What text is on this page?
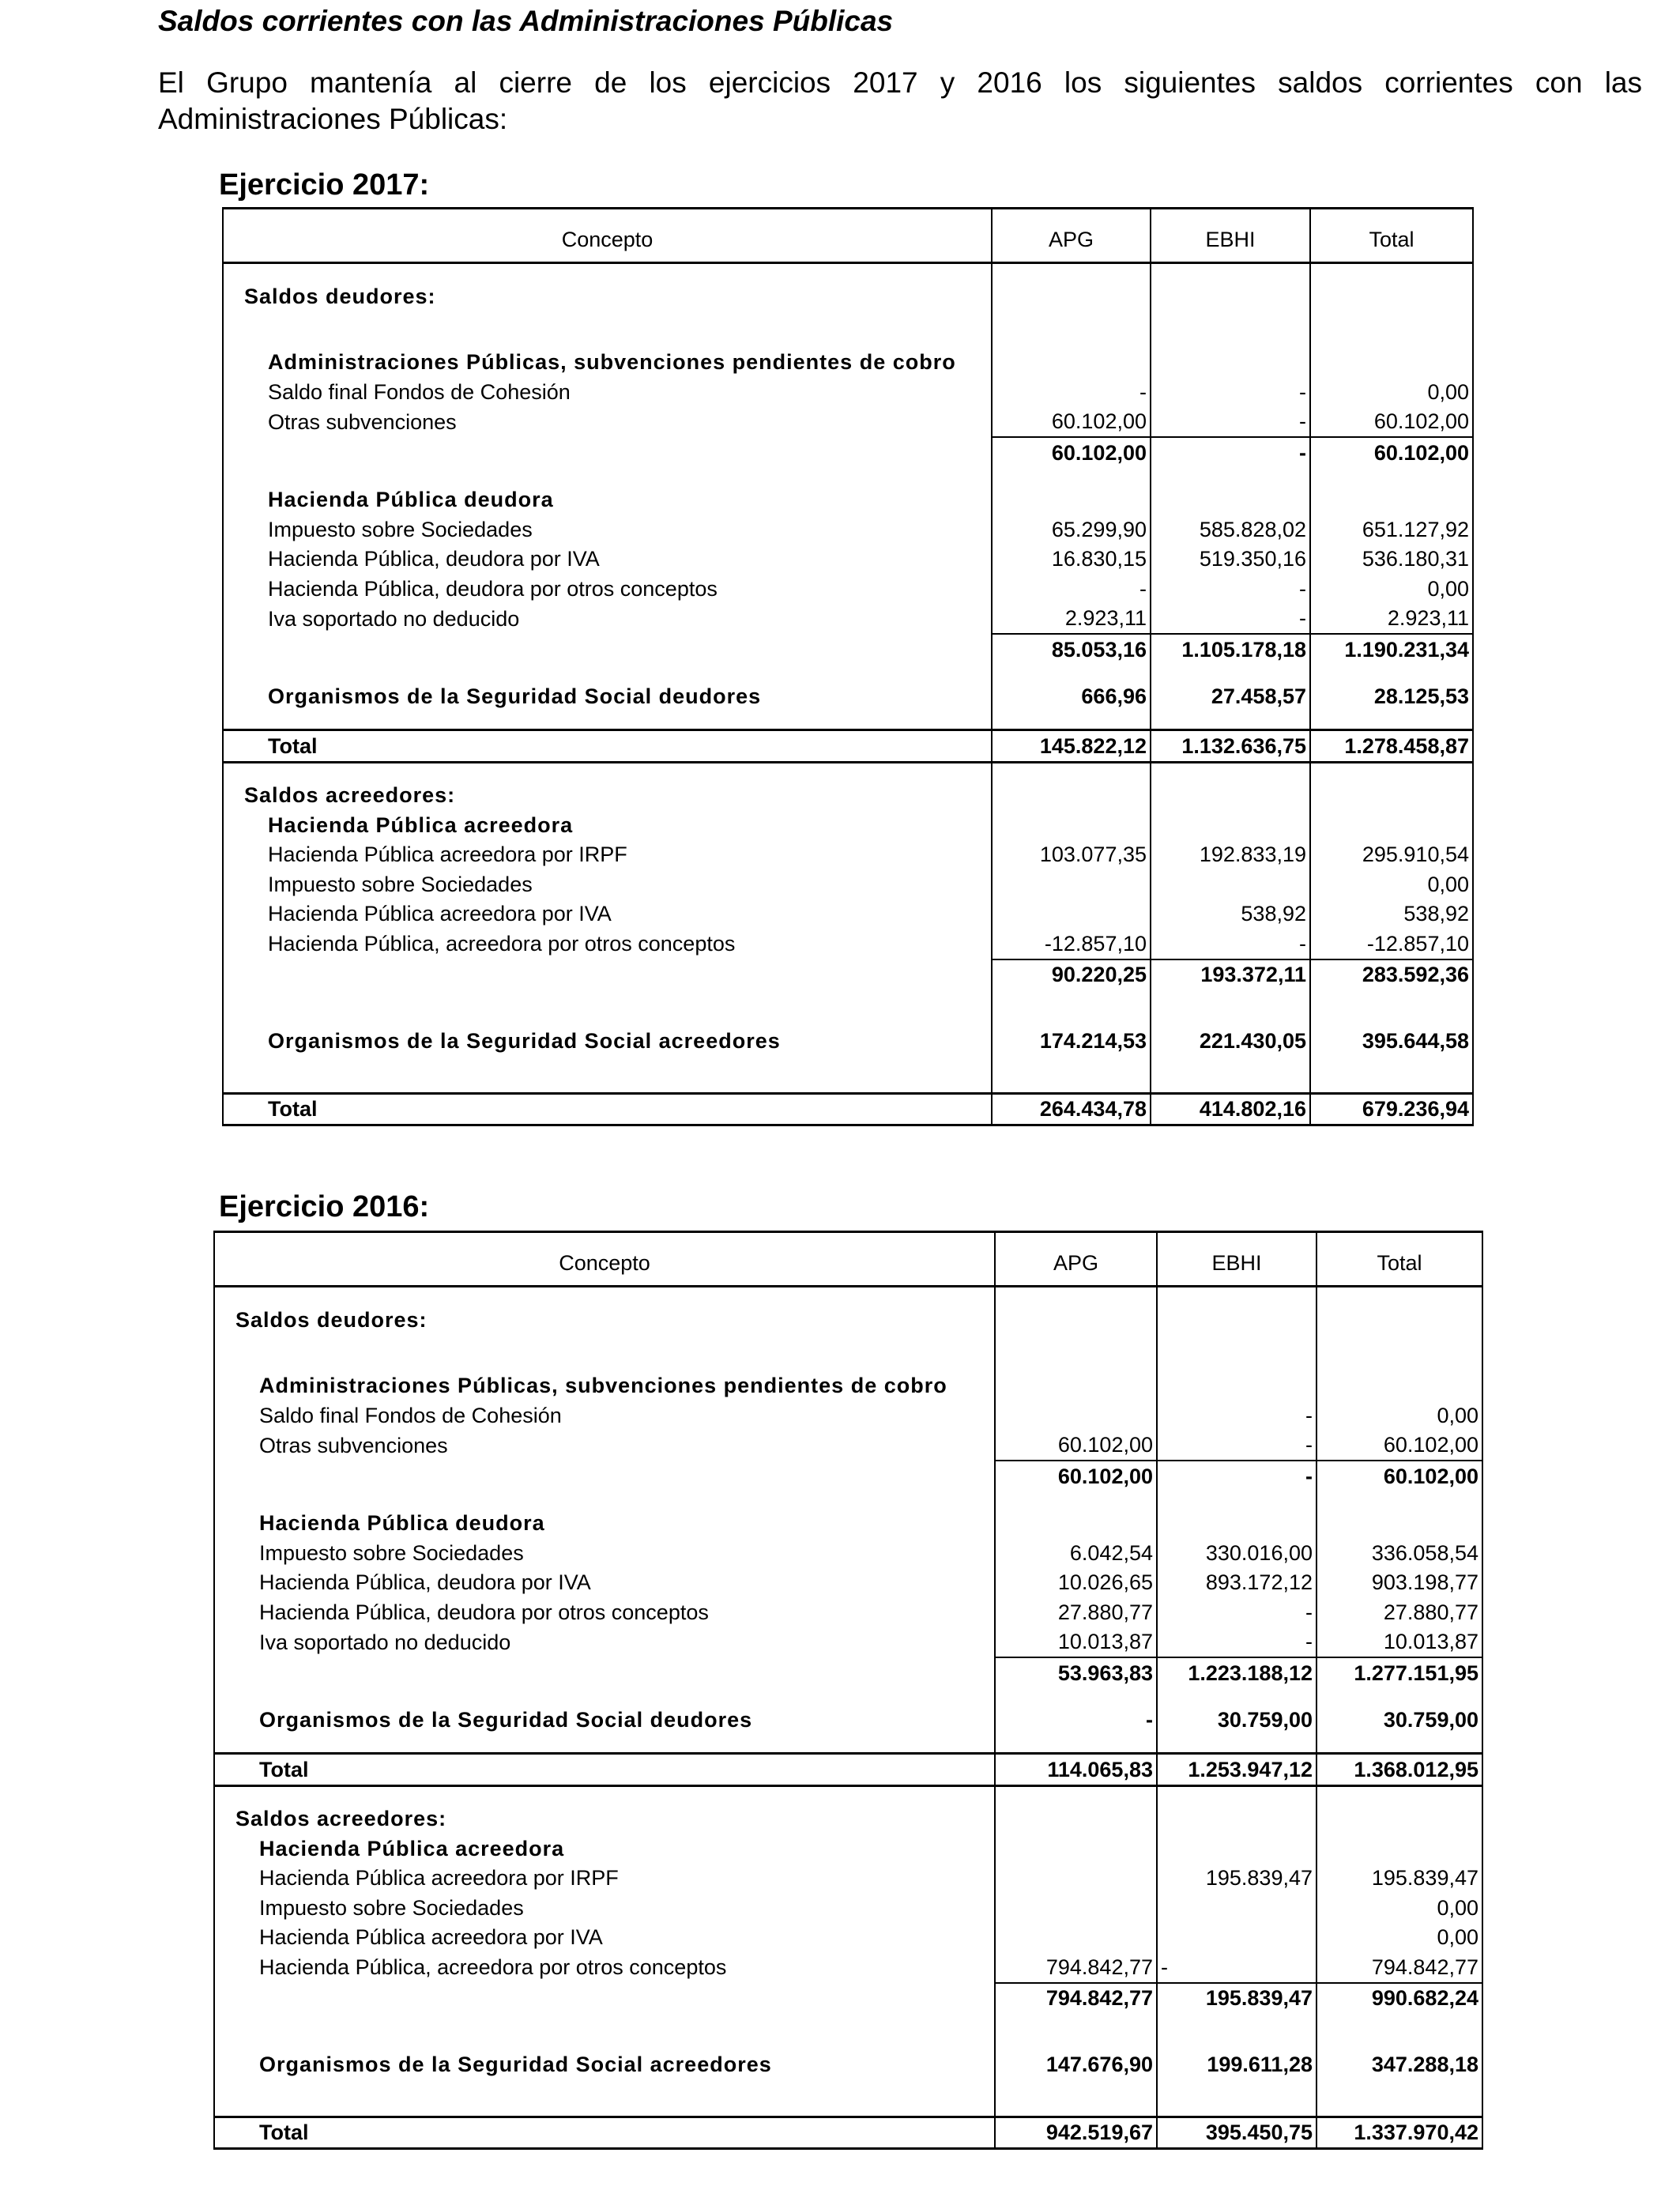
Saldos corrientes con las Administraciones Públicas

El Grupo mantenía al cierre de los ejercicios 2017 y 2016 los siguientes saldos corrientes con las Administraciones Públicas:

Ejercicio 2017:
Concepto	APG	EBHI	Total

Saldos deudores:			

Administraciones Públicas, subvenciones pendientes de cobro			
Saldo final Fondos de Cohesión	-	-	0,00
Otras subvenciones	60.102,00	-	60.102,00
	60.102,00	-	60.102,00

Hacienda Pública deudora			
Impuesto sobre Sociedades	65.299,90	585.828,02	651.127,92
Hacienda Pública, deudora por IVA	16.830,15	519.350,16	536.180,31
Hacienda Pública, deudora por otros conceptos	-	-	0,00
Iva soportado no deducido	2.923,11	-	2.923,11
	85.053,16	1.105.178,18	1.190.231,34

Organismos de la Seguridad Social deudores	666,96	27.458,57	28.125,53

Total	145.822,12	1.132.636,75	1.278.458,87

Saldos acreedores:			
Hacienda Pública acreedora			
Hacienda Pública acreedora por IRPF	103.077,35	192.833,19	295.910,54
Impuesto sobre Sociedades			0,00
Hacienda Pública acreedora por IVA		538,92	538,92
Hacienda Pública, acreedora por otros conceptos	-12.857,10	-	-12.857,10
	90.220,25	193.372,11	283.592,36

Organismos de la Seguridad Social acreedores	174.214,53	221.430,05	395.644,58

Total	264.434,78	414.802,16	679.236,94
Ejercicio 2016:
Concepto	APG	EBHI	Total

Saldos deudores:			

Administraciones Públicas, subvenciones pendientes de cobro			
Saldo final Fondos de Cohesión		-	0,00
Otras subvenciones	60.102,00	-	60.102,00
	60.102,00	-	60.102,00

Hacienda Pública deudora			
Impuesto sobre Sociedades	6.042,54	330.016,00	336.058,54
Hacienda Pública, deudora por IVA	10.026,65	893.172,12	903.198,77
Hacienda Pública, deudora por otros conceptos	27.880,77	-	27.880,77
Iva soportado no deducido	10.013,87	-	10.013,87
	53.963,83	1.223.188,12	1.277.151,95

Organismos de la Seguridad Social deudores	-	30.759,00	30.759,00

Total	114.065,83	1.253.947,12	1.368.012,95

Saldos acreedores:			
Hacienda Pública acreedora			
Hacienda Pública acreedora por IRPF		195.839,47	195.839,47
Impuesto sobre Sociedades			0,00
Hacienda Pública acreedora por IVA			0,00
Hacienda Pública, acreedora por otros conceptos	794.842,77	-	794.842,77
	794.842,77	195.839,47	990.682,24

Organismos de la Seguridad Social acreedores	147.676,90	199.611,28	347.288,18

Total	942.519,67	395.450,75	1.337.970,42
